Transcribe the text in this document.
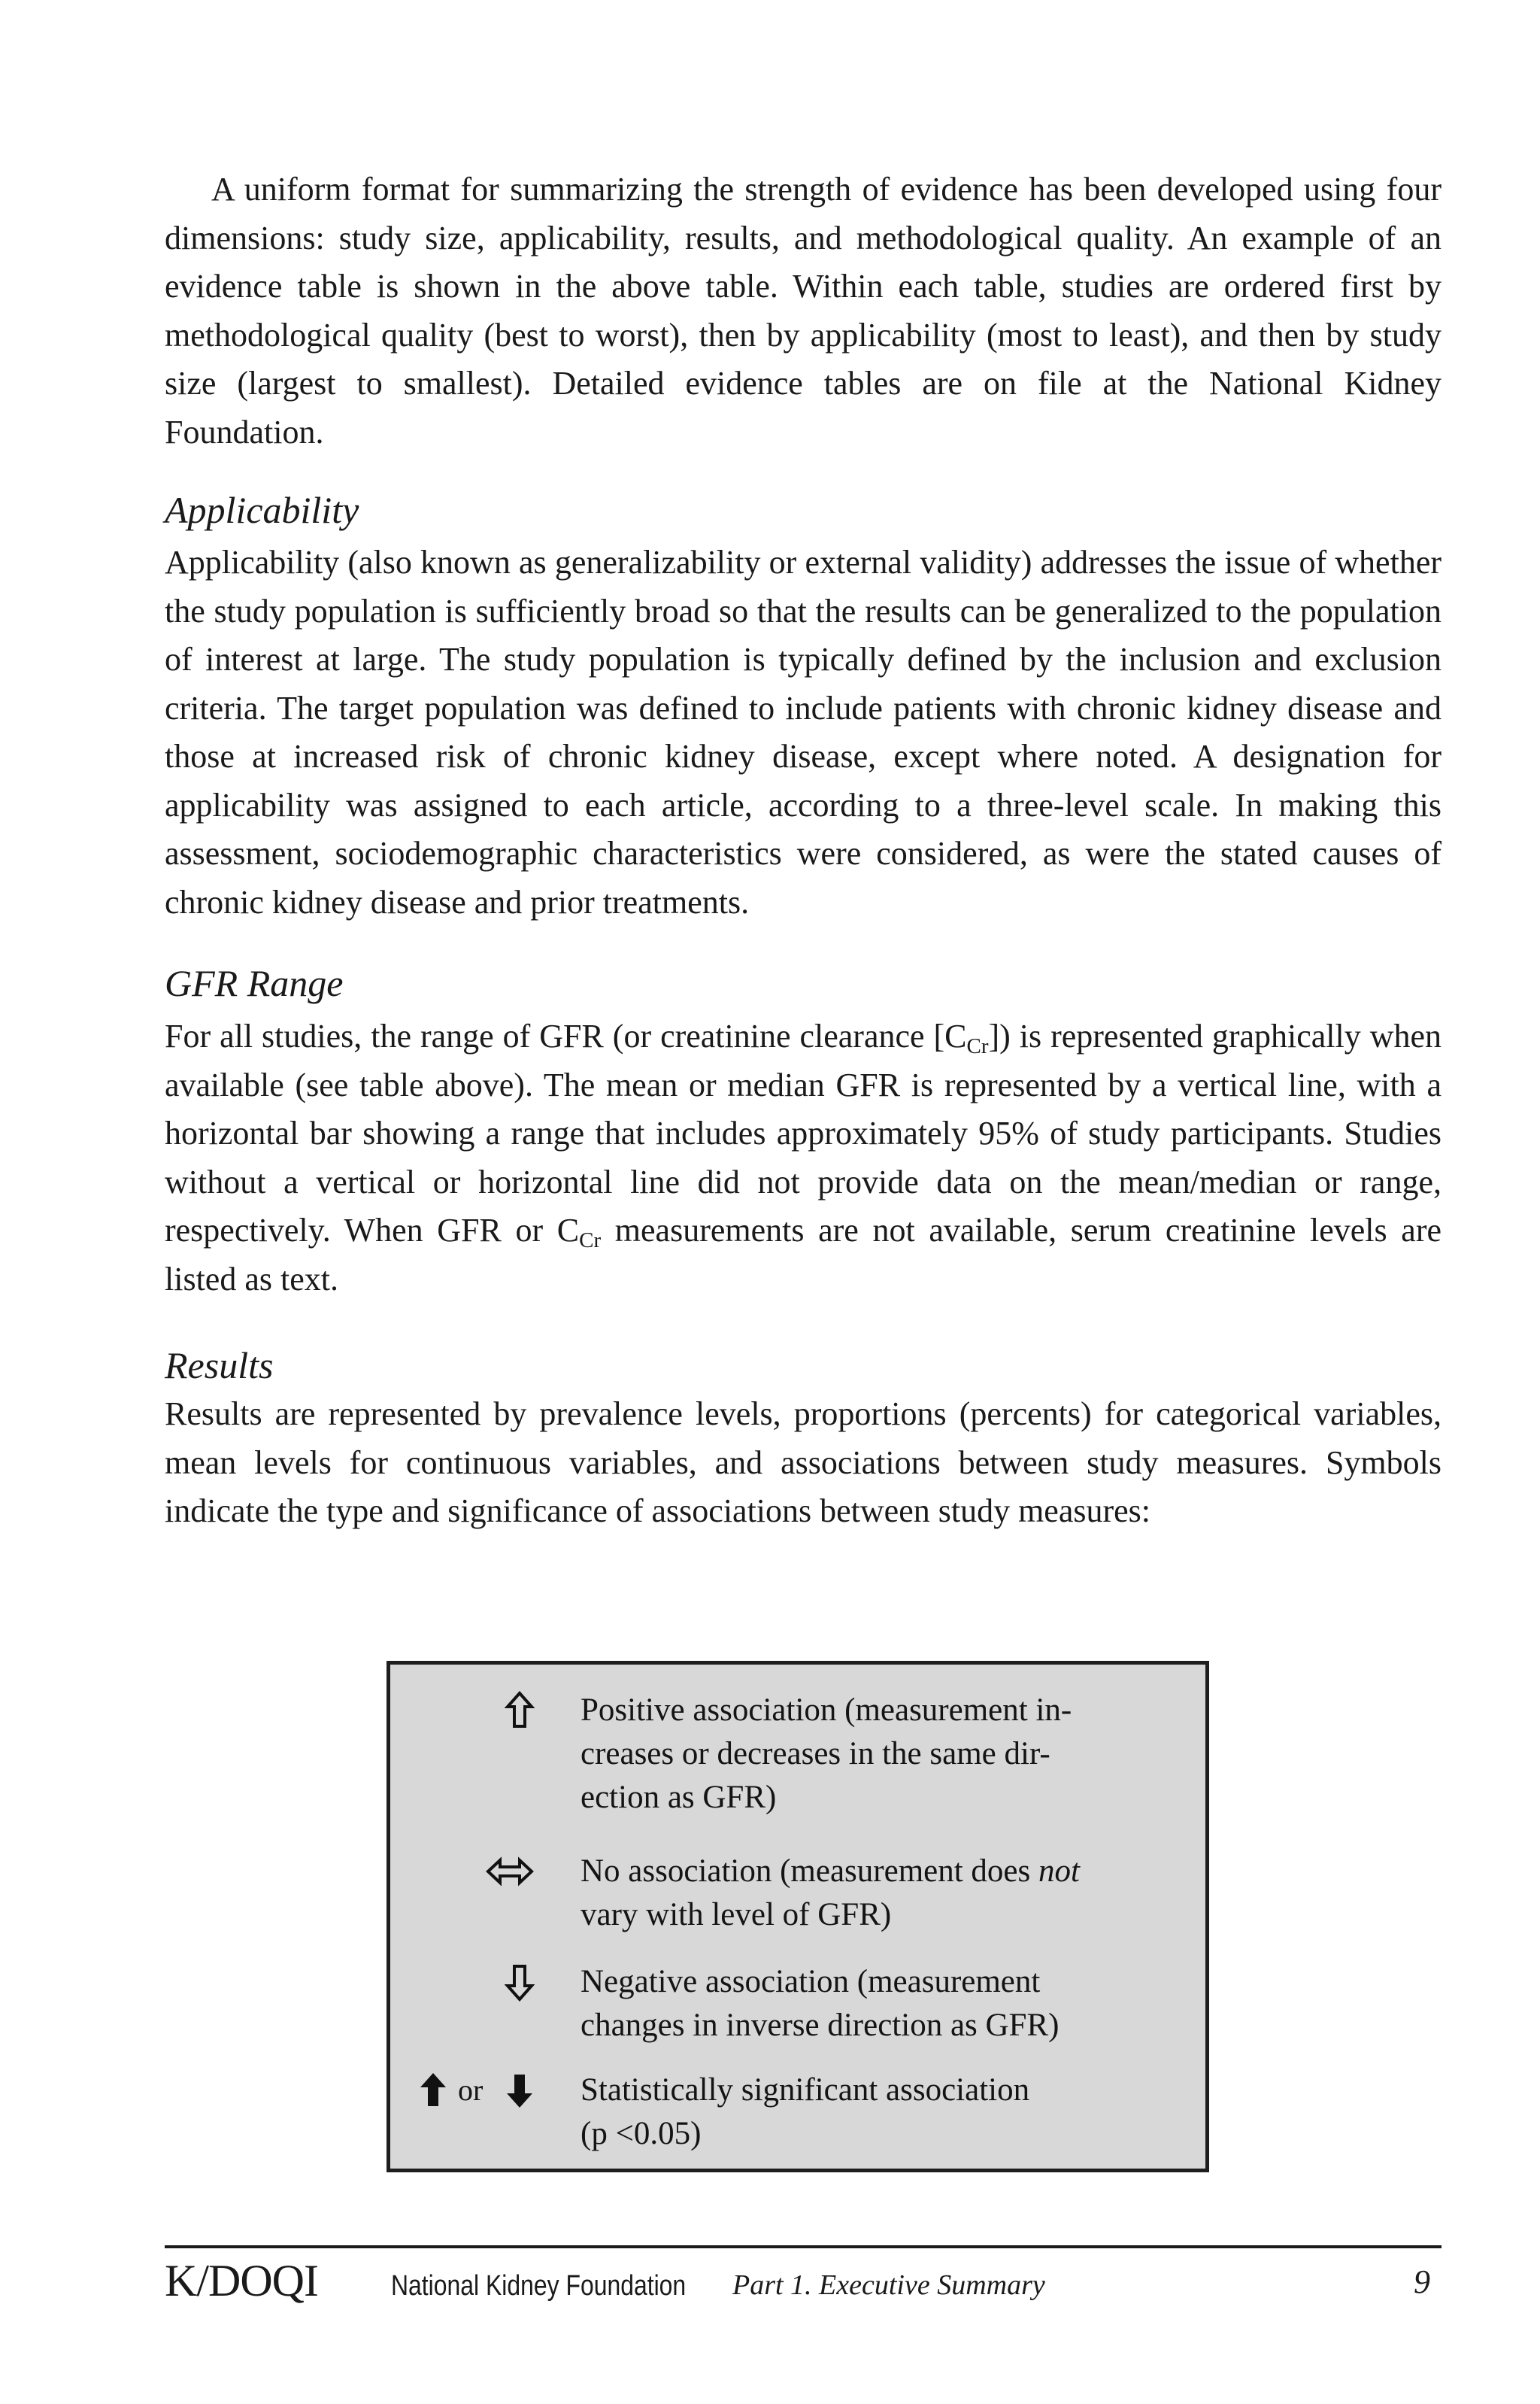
A uniform format for summarizing the strength of evidence has been developed using four dimensions: study size, applicability, results, and methodological quality. An example of an evidence table is shown in the above table. Within each table, studies are ordered first by methodological quality (best to worst), then by applicability (most to least), and then by study size (largest to smallest). Detailed evidence tables are on file at the National Kidney Foundation.

Applicability

Applicability (also known as generalizability or external validity) addresses the issue of whether the study population is sufficiently broad so that the results can be generalized to the population of interest at large. The study population is typically defined by the inclusion and exclusion criteria. The target population was defined to include patients with chronic kidney disease and those at increased risk of chronic kidney disease, except where noted. A designation for applicability was assigned to each article, according to a three-level scale. In making this assessment, sociodemographic characteristics were considered, as were the stated causes of chronic kidney disease and prior treatments.

GFR Range

For all studies, the range of GFR (or creatinine clearance $[C_{Cr}]$) is represented graphically when available (see table above). The mean or median GFR is represented by a vertical line, with a horizontal bar showing a range that includes approximately 95% of study participants. Studies without a vertical or horizontal line did not provide data on the mean/median or range, respectively. When GFR or $C_{Cr}$ measurements are not available, serum creatinine levels are listed as text.

Results

Results are represented by prevalence levels, proportions (percents) for categorical variables, mean levels for continuous variables, and associations between study measures. Symbols indicate the type and significance of associations between study measures:

Positive association (measurement in-
creases or decreases in the same dir-
ection as GFR)
No association (measurement does not
vary with level of GFR)
Negative association (measurement
changes in inverse direction as GFR)
or	Statistically significant association
(p <0.05)
K/DOQI	National Kidney Foundation Part 1. Executive Summary	9
